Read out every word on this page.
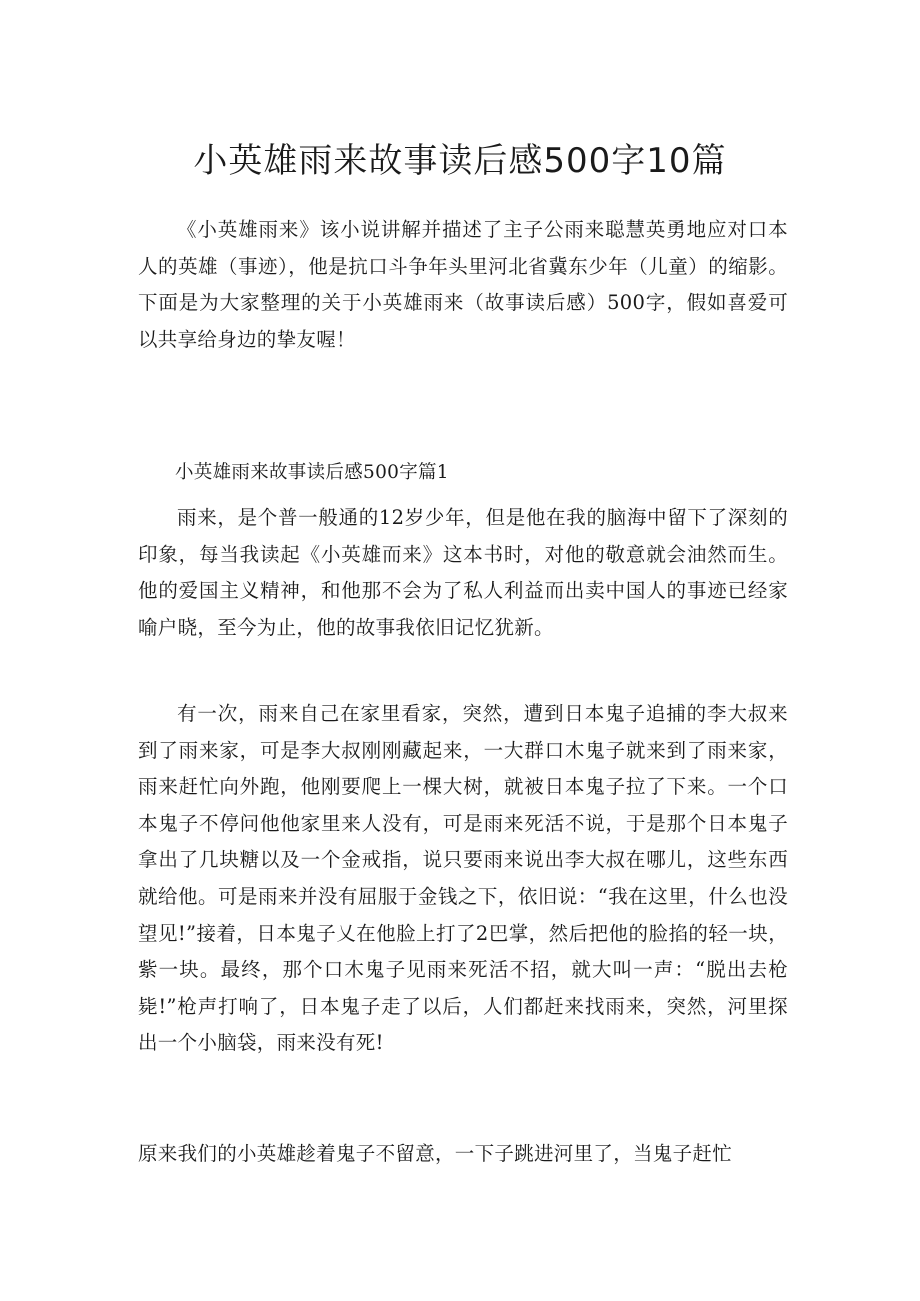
小英雄雨来故事读后感500字10篇

《小英雄雨来》该小说讲解并描述了主子公雨来聪慧英勇地应对口本人的英雄（事迹），他是抗口斗争年头里河北省冀东少年（儿童）的缩影。下面是为大家整理的关于小英雄雨来（故事读后感）500字，假如喜爱可以共享给身边的挚友喔！

小英雄雨来故事读后感500字篇1

雨来，是个普一般通的12岁少年，但是他在我的脑海中留下了深刻的印象，每当我读起《小英雄而来》这本书时，对他的敬意就会油然而生。他的爱国主义精神，和他那不会为了私人利益而出卖中国人的事迹已经家喻户晓，至今为止，他的故事我依旧记忆犹新。

有一次，雨来自己在家里看家，突然，遭到日本鬼子追捕的李大叔来到了雨来家，可是李大叔刚刚藏起来，一大群口木鬼子就来到了雨来家，雨来赶忙向外跑，他刚要爬上一棵大树，就被日本鬼子拉了下来。一个口本鬼子不停问他他家里来人没有，可是雨来死活不说，于是那个日本鬼子拿出了几块糖以及一个金戒指，说只要雨来说出李大叔在哪儿，这些东西就给他。可是雨来并没有屈服于金钱之下，依旧说：“我在这里，什么也没望见!”接着，日本鬼子乂在他脸上打了2巴掌，然后把他的脸掐的轻一块，紫一块。最终，那个口木鬼子见雨来死活不招，就大叫一声：“脱出去枪毙!”枪声打响了，日本鬼子走了以后，人们都赶来找雨来，突然，河里探出一个小脑袋，雨来没有死!

原来我们的小英雄趁着鬼子不留意，一下子跳进河里了，当鬼子赶忙
